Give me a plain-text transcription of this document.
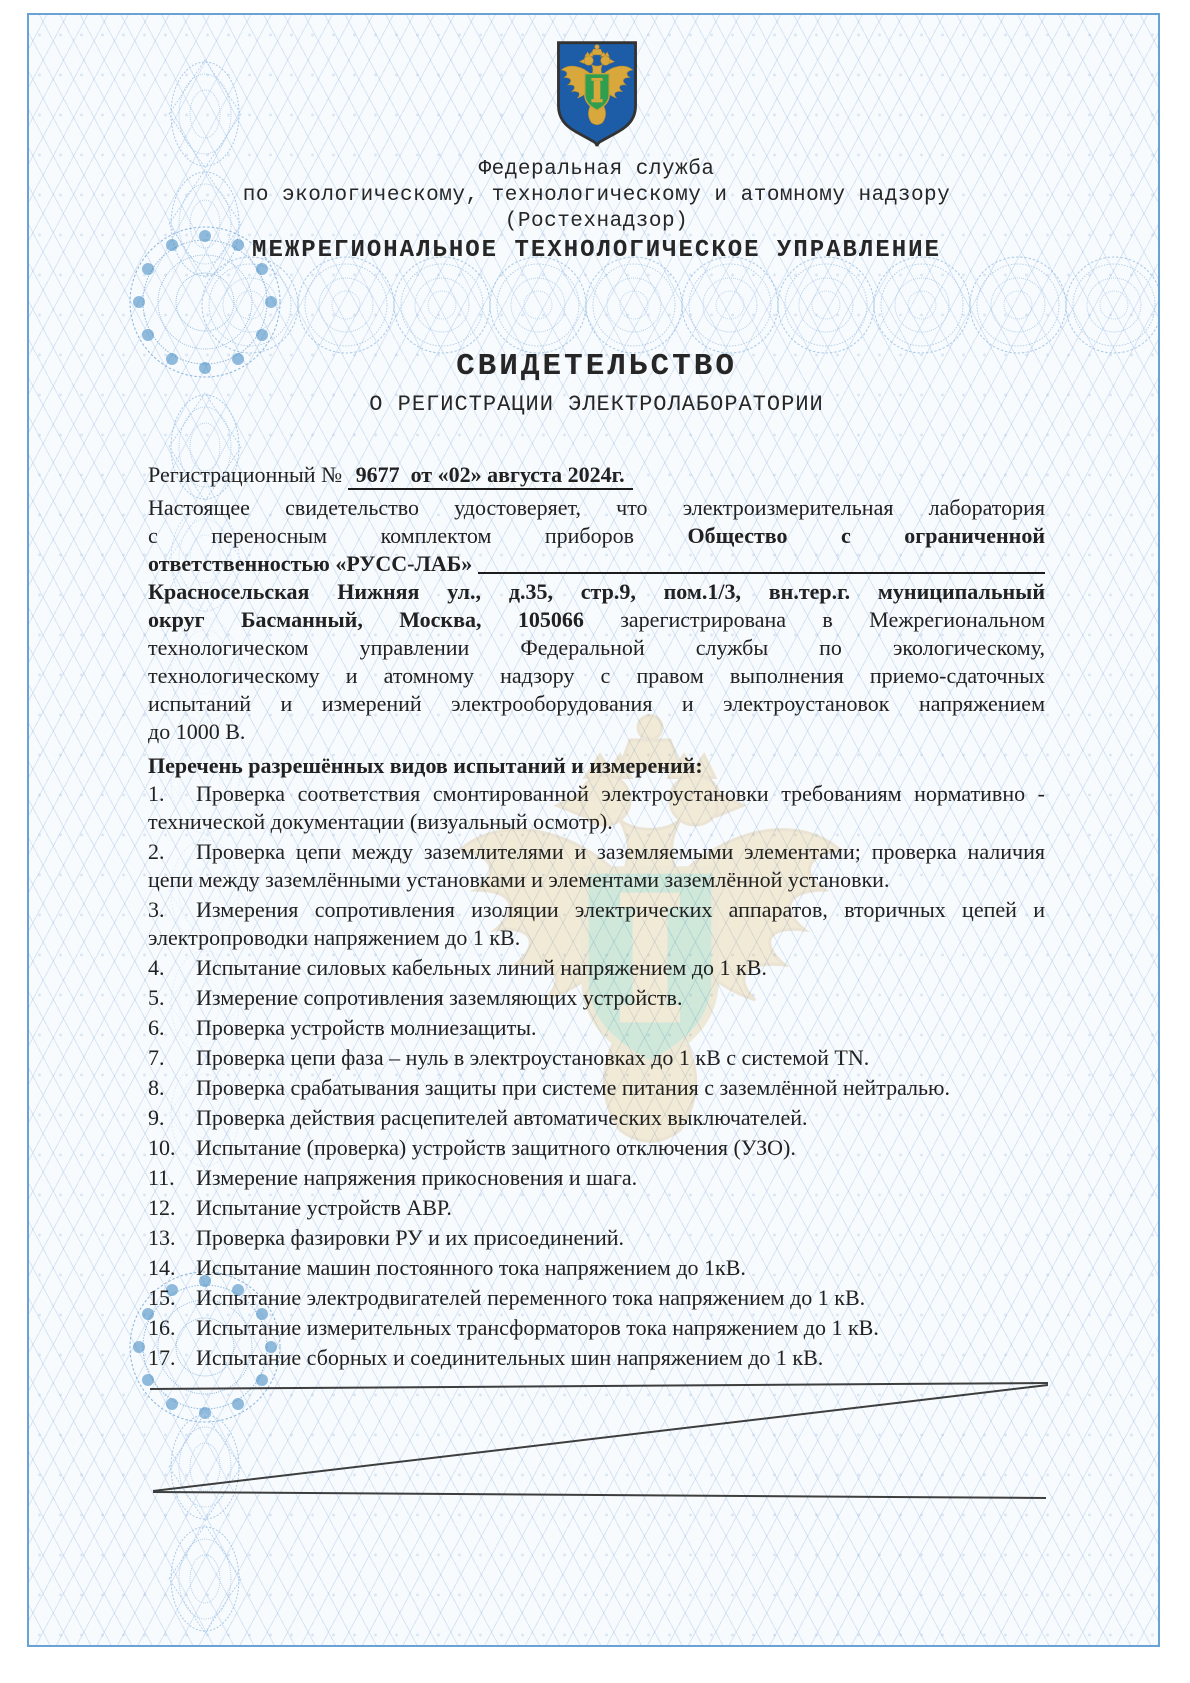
Федеральная служба
по экологическому, технологическому и атомному надзору
(Ростехнадзор)
МЕЖРЕГИОНАЛЬНОЕ ТЕХНОЛОГИЧЕСКОЕ УПРАВЛЕНИЕ
СВИДЕТЕЛЬСТВО
О РЕГИСТРАЦИИ ЭЛЕКТРОЛАБОРАТОРИИ
Регистрационный № 9677 от «02» августа 2024г.
Настоящее свидетельство удостоверяет, что электроизмерительная лаборатория
с переносным комплектом приборов Общество с ограниченной
ответственностью «РУСС-ЛАБ»
Красносельская Нижняя ул., д.35, стр.9, пом.1/3, вн.тер.г. муниципальный
округ Басманный, Москва, 105066 зарегистрирована в Межрегиональном
технологическом управлении Федеральной службы по экологическому,
технологическому и атомному надзору с правом выполнения приемо-сдаточных
испытаний и измерений электрооборудования и электроустановок напряжением
до 1000 В.
Перечень разрешённых видов испытаний и измерений:
1. Проверка соответствия смонтированной электроустановки требованиям нормативно - технической документации (визуальный осмотр).
2. Проверка цепи между заземлителями и заземляемыми элементами; проверка наличия цепи между заземлёнными установками и элементами заземлённой установки.
3. Измерения сопротивления изоляции электрических аппаратов, вторичных цепей и электропроводки напряжением до 1 кВ.
4. Испытание силовых кабельных линий напряжением до 1 кВ.
5. Измерение сопротивления заземляющих устройств.
6. Проверка устройств молниезащиты.
7. Проверка цепи фаза – нуль в электроустановках до 1 кВ с системой TN.
8. Проверка срабатывания защиты при системе питания с заземлённой нейтралью.
9. Проверка действия расцепителей автоматических выключателей.
10. Испытание (проверка) устройств защитного отключения (УЗО).
11. Измерение напряжения прикосновения и шага.
12. Испытание устройств АВР.
13. Проверка фазировки РУ и их присоединений.
14. Испытание машин постоянного тока напряжением до 1кВ.
15. Испытание электродвигателей переменного тока напряжением до 1 кВ.
16. Испытание измерительных трансформаторов тока напряжением до 1 кВ.
17. Испытание сборных и соединительных шин напряжением до 1 кВ.
